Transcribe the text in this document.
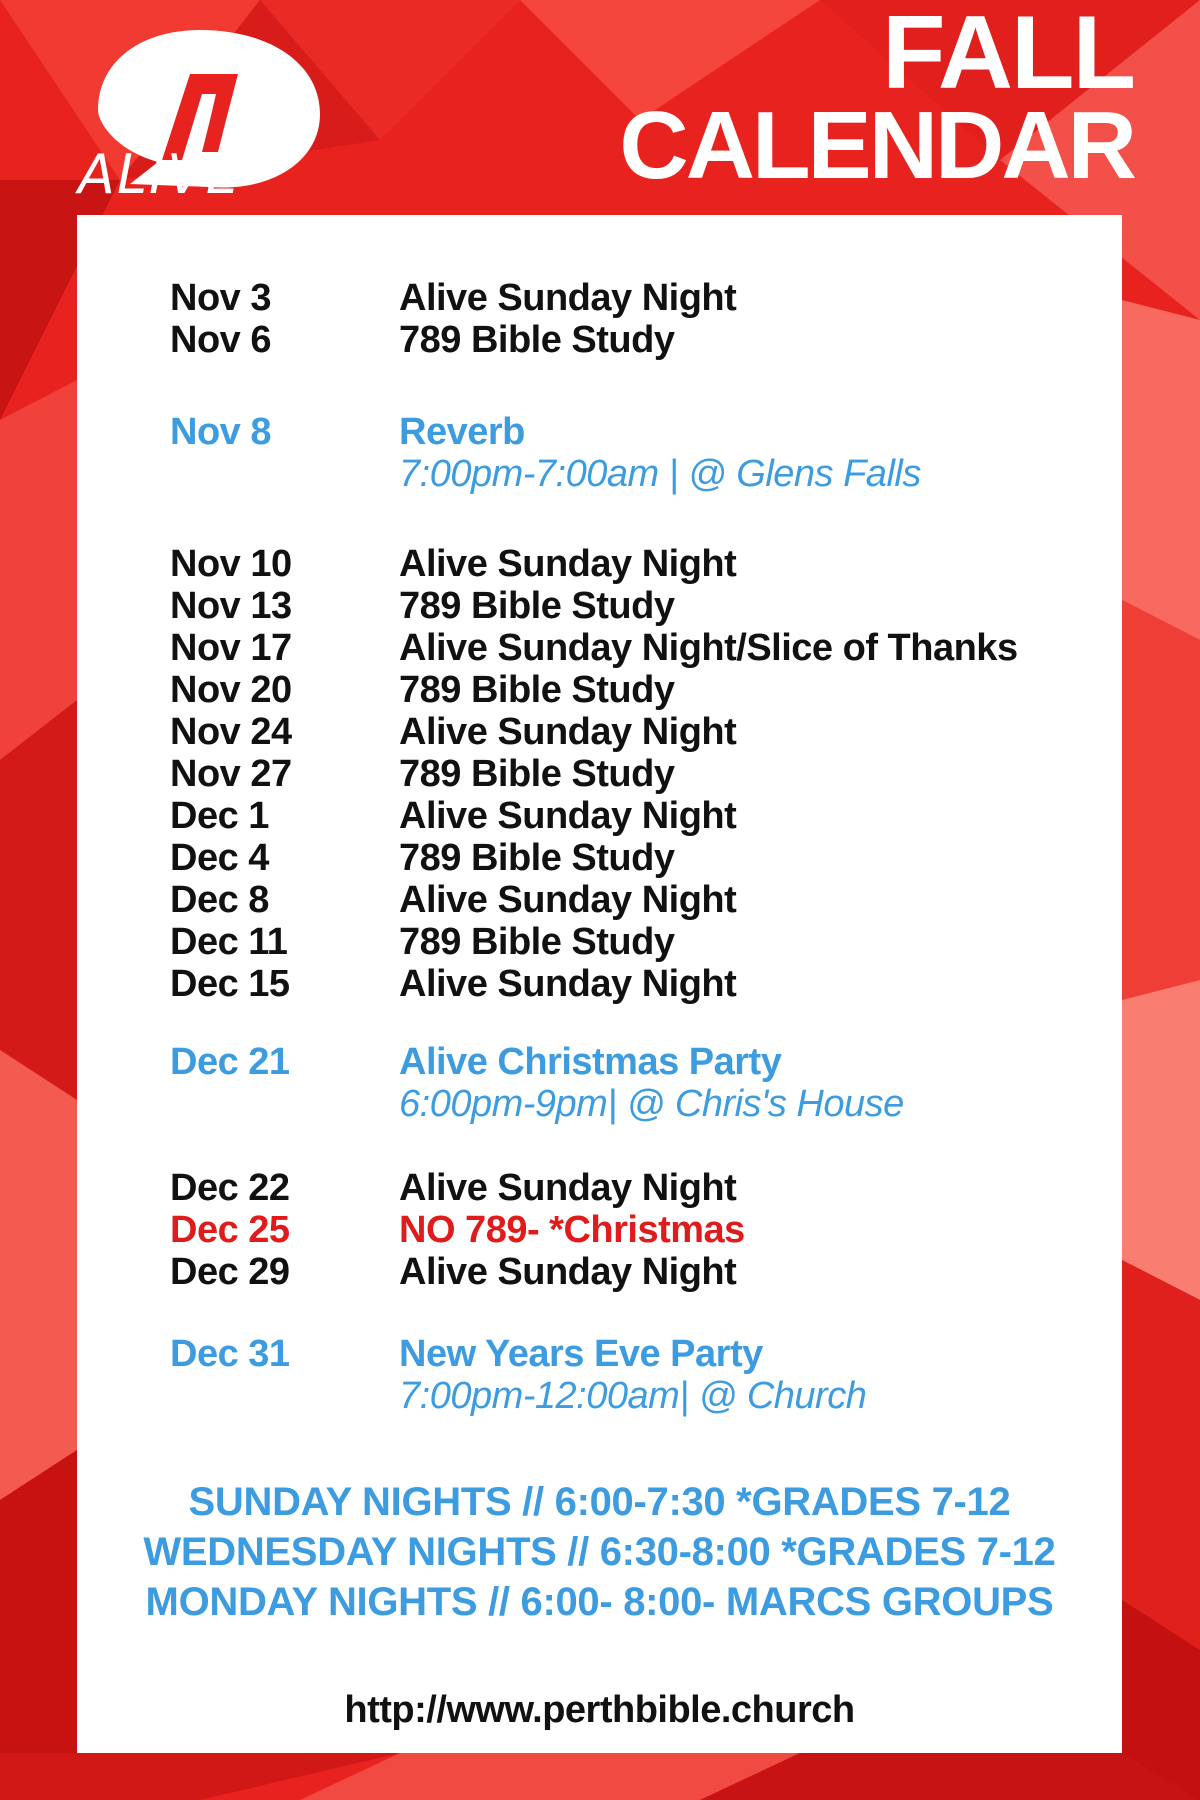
ALIVE
FALL
CALENDAR
Nov 3	Alive Sunday Night
Nov 6	789 Bible Study
Nov 8	Reverb
7:00pm-7:00am | @ Glens Falls
Nov 10	Alive Sunday Night
Nov 13	789 Bible Study
Nov 17	Alive Sunday Night/Slice of Thanks
Nov 20	789 Bible Study
Nov 24	Alive Sunday Night
Nov 27	789 Bible Study
Dec 1	Alive Sunday Night
Dec 4	789 Bible Study
Dec 8	Alive Sunday Night
Dec 11	789 Bible Study
Dec 15	Alive Sunday Night
Dec 21	Alive Christmas Party
6:00pm-9pm| @ Chris's House
Dec 22	Alive Sunday Night
Dec 25	NO 789- *Christmas
Dec 29	Alive Sunday Night
Dec 31	New Years Eve Party
7:00pm-12:00am| @ Church
SUNDAY NIGHTS // 6:00-7:30 *GRADES 7-12
WEDNESDAY NIGHTS // 6:30-8:00 *GRADES 7-12
MONDAY NIGHTS // 6:00- 8:00- MARCS GROUPS
http://www.perthbible.church
